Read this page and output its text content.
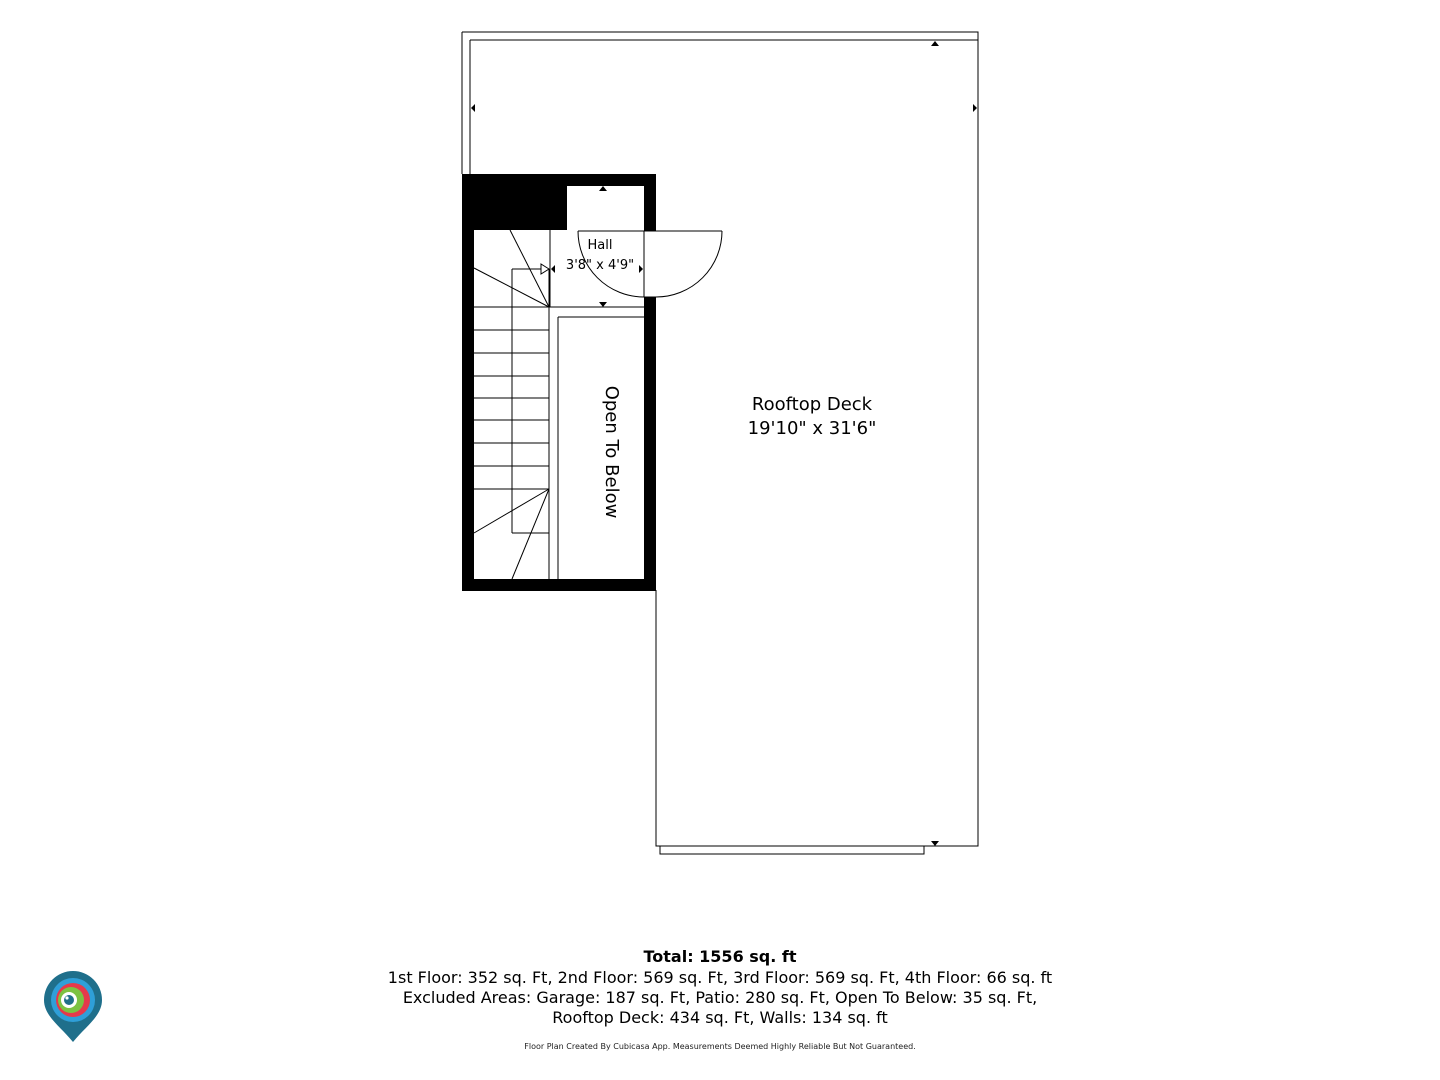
Hall
3'8" x 4'9"
Rooftop Deck
19'10" x 31'6"
Open To Below
Total: 1556 sq. ft
1st Floor: 352 sq. Ft, 2nd Floor: 569 sq. Ft, 3rd Floor: 569 sq. Ft, 4th Floor: 66 sq. ft
Excluded Areas: Garage: 187 sq. Ft, Patio: 280 sq. Ft, Open To Below: 35 sq. Ft,
Rooftop Deck: 434 sq. Ft, Walls: 134 sq. ft
Floor Plan Created By Cubicasa App. Measurements Deemed Highly Reliable But Not Guaranteed.
